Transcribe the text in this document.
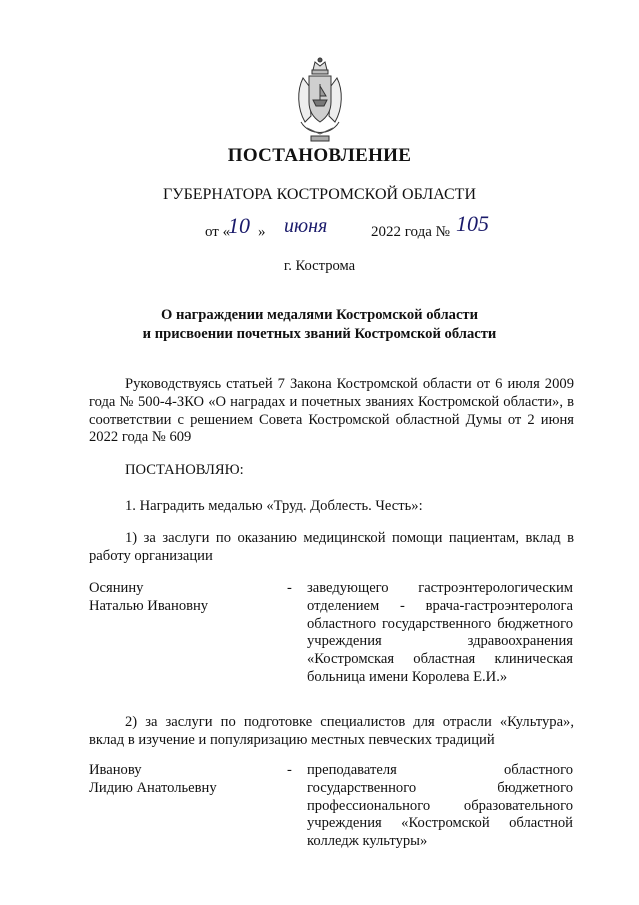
ПОСТАНОВЛЕНИЕ
ГУБЕРНАТОРА КОСТРОМСКОЙ ОБЛАСТИ
от «
10 » июня	2022 года № 105
г. Кострома
О награждении медалями Костромской области
и присвоении почетных званий Костромской области
Руководствуясь статьей 7 Закона Костромской области от 6 июля 2009 года № 500-4-ЗКО «О наградах и почетных званиях Костромской области», в соответствии с решением Совета Костромской областной Думы от 2 июня 2022 года № 609
ПОСТАНОВЛЯЮ:
1. Наградить медалью «Труд. Доблесть. Честь»:
1) за заслуги по оказанию медицинской помощи пациентам, вклад в работу организации
Осянину
Наталью Ивановну
- заведующего гастроэнтерологическим отделением - врача-гастроэнтеролога областного государственного бюджетного учреждения здравоохранения «Костромская областная клиническая больница имени Королева Е.И.»
2) за заслуги по подготовке специалистов для отрасли «Культура», вклад в изучение и популяризацию местных певческих традиций
Иванову
Лидию Анатольевну
- преподавателя областного государственного бюджетного профессионального образовательного учреждения «Костромской областной колледж культуры»
